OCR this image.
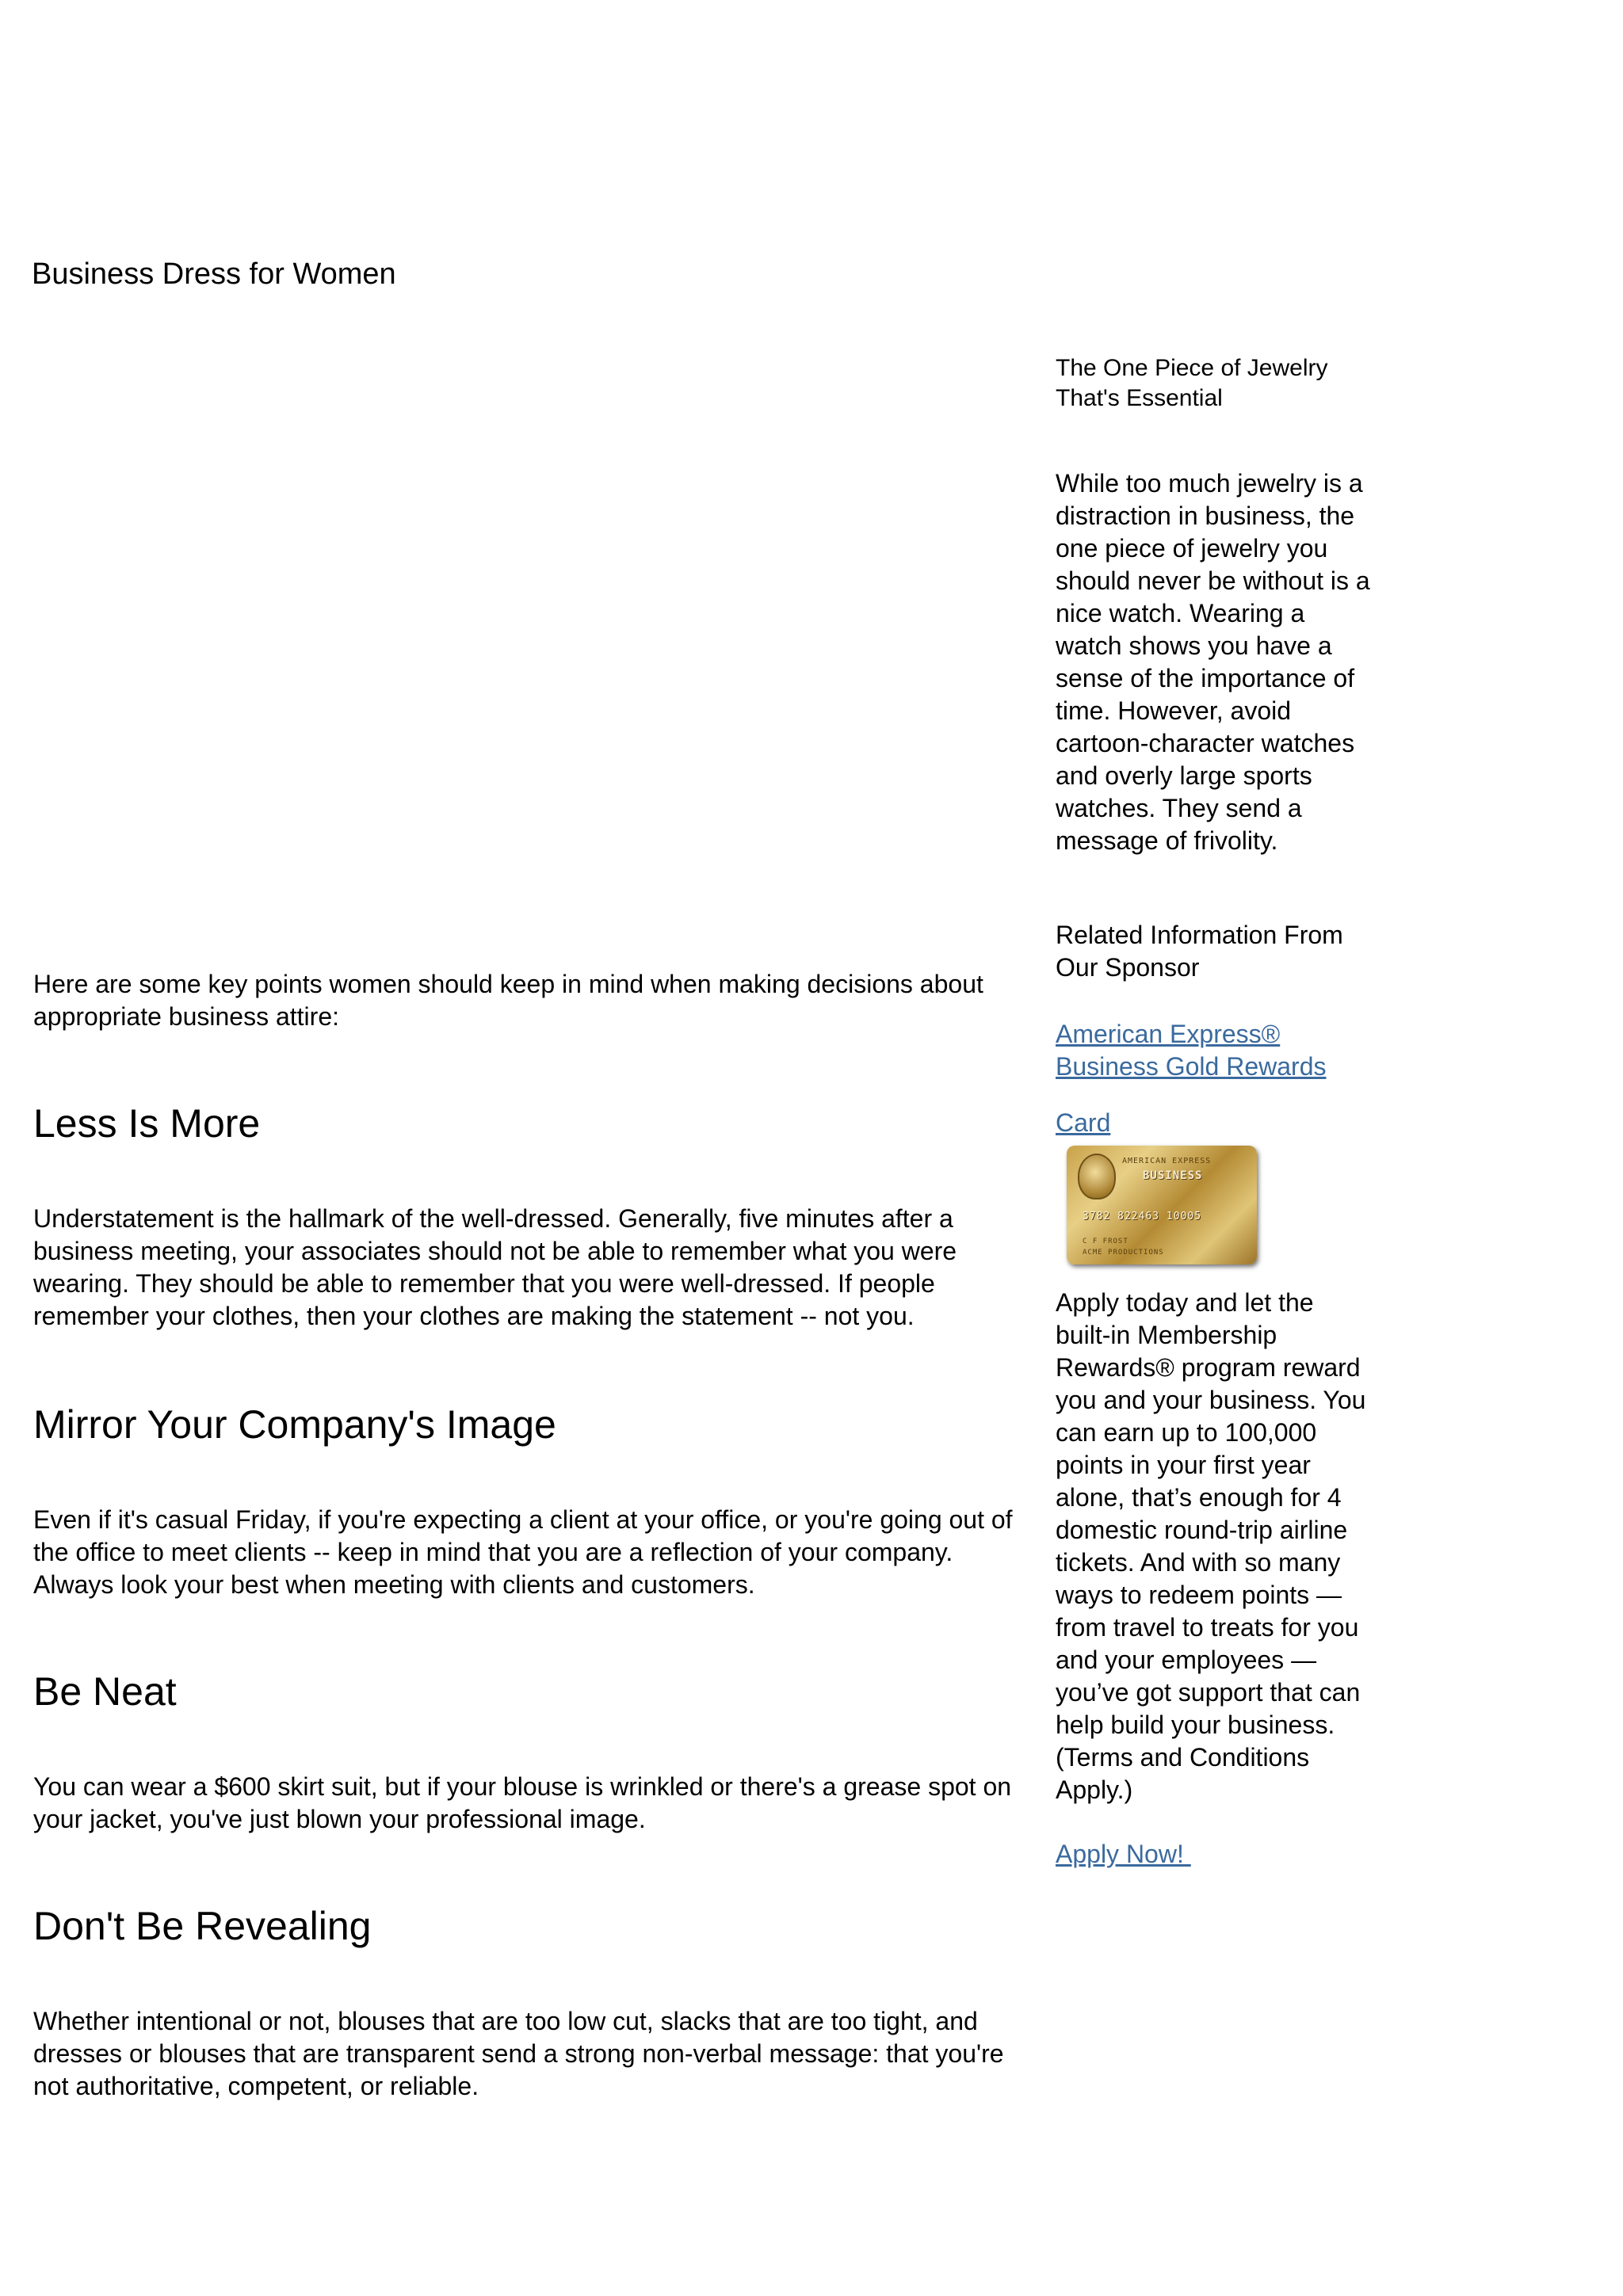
Business Dress for Women

Here are some key points women should keep in mind when making decisions about appropriate business attire:

Less Is More

Understatement is the hallmark of the well-dressed. Generally, five minutes after a business meeting, your associates should not be able to remember what you were wearing. They should be able to remember that you were well-dressed. If people remember your clothes, then your clothes are making the statement -- not you.

Mirror Your Company's Image

Even if it's casual Friday, if you're expecting a client at your office, or you're going out of the office to meet clients -- keep in mind that you are a reflection of your company. Always look your best when meeting with clients and customers.

Be Neat

You can wear a $600 skirt suit, but if your blouse is wrinkled or there's a grease spot on your jacket, you've just blown your professional image.

Don't Be Revealing

Whether intentional or not, blouses that are too low cut, slacks that are too tight, and dresses or blouses that are transparent send a strong non-verbal message: that you're not authoritative, competent, or reliable.

The One Piece of Jewelry That's Essential

While too much jewelry is a distraction in business, the one piece of jewelry you should never be without is a nice watch. Wearing a watch shows you have a sense of the importance of time. However, avoid cartoon-character watches and overly large sports watches. They send a message of frivolity.

Related Information From Our Sponsor

American Express® Business Gold Rewards
Card
AMERICAN EXPRESS
BUSINESS
3782 822463 10005
C F FROST
ACME PRODUCTIONS

Apply today and let the built-in Membership Rewards® program reward you and your business. You can earn up to 100,000 points in your first year alone, that’s enough for 4 domestic round-trip airline tickets. And with so many ways to redeem points — from travel to treats for you and your employees — you’ve got support that can help build your business. (Terms and Conditions Apply.)

Apply Now!
